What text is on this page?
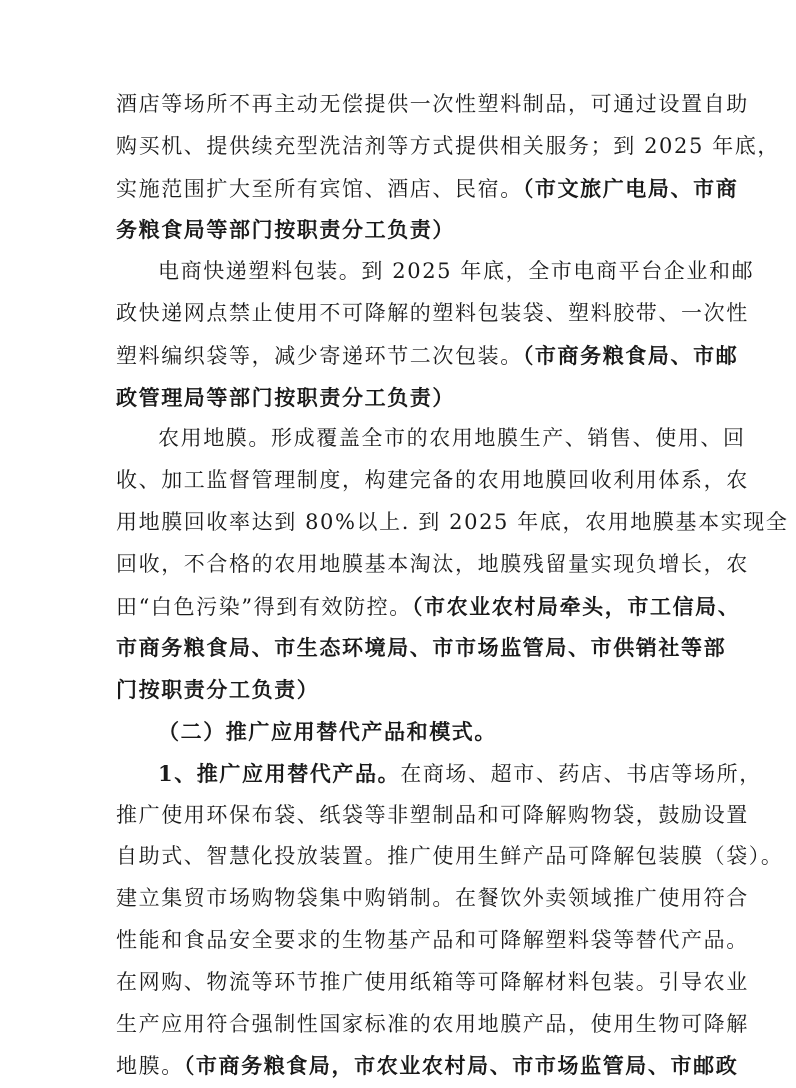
酒店等场所不再主动无偿提供一次性塑料制品，可通过设置自助
购买机、提供续充型洗洁剂等方式提供相关服务；到 2025 年底，
实施范围扩大至所有宾馆、酒店、民宿。（市文旅广电局、市商
务粮食局等部门按职责分工负责）
电商快递塑料包装。到 2025 年底，全市电商平台企业和邮
政快递网点禁止使用不可降解的塑料包装袋、塑料胶带、一次性
塑料编织袋等，减少寄递环节二次包装。（市商务粮食局、市邮
政管理局等部门按职责分工负责）
农用地膜。形成覆盖全市的农用地膜生产、销售、使用、回
收、加工监督管理制度，构建完备的农用地膜回收利用体系，农
用地膜回收率达到 80%以上. 到 2025 年底，农用地膜基本实现全
回收，不合格的农用地膜基本淘汰，地膜残留量实现负增长，农
田“白色污染”得到有效防控。（市农业农村局牵头，市工信局、
市商务粮食局、市生态环境局、市市场监管局、市供销社等部
门按职责分工负责）
（二）推广应用替代产品和模式。
1、推广应用替代产品。在商场、超市、药店、书店等场所，
推广使用环保布袋、纸袋等非塑制品和可降解购物袋，鼓励设置
自助式、智慧化投放装置。推广使用生鲜产品可降解包装膜（袋）。
建立集贸市场购物袋集中购销制。在餐饮外卖领域推广使用符合
性能和食品安全要求的生物基产品和可降解塑料袋等替代产品。
在网购、物流等环节推广使用纸箱等可降解材料包装。引导农业
生产应用符合强制性国家标准的农用地膜产品，使用生物可降解
地膜。（市商务粮食局，市农业农村局、市市场监管局、市邮政
